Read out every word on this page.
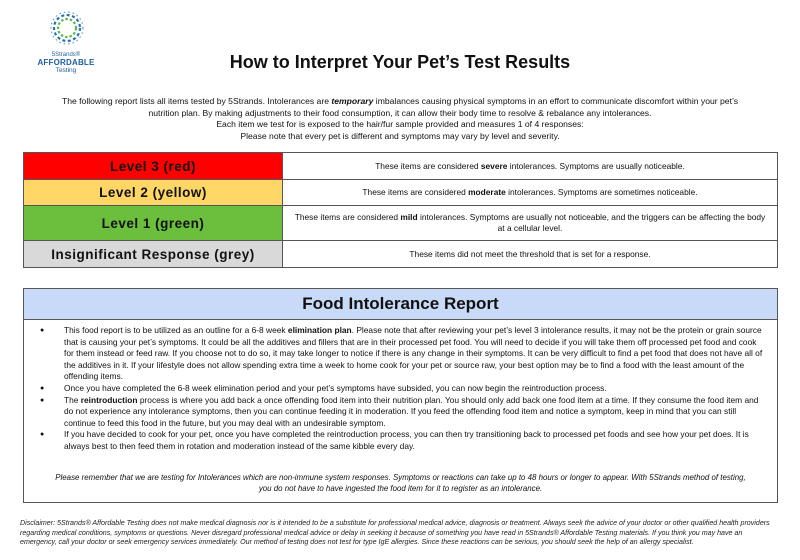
5Strands®
AFFORDABLE
Testing	How to Interpret Your Pet’s Test Results

The following report lists all items tested by 5Strands. Intolerances are temporary imbalances causing physical symptoms in an effort to communicate discomfort within your pet’s

nutrition plan. By making adjustments to their food consumption, it can allow their body time to resolve & rebalance any intolerances.

Each item we test for is exposed to the hair/fur sample provided and measures 1 of 4 responses:

Please note that every pet is different and symptoms may vary by level and severity.

Level 3 (red)	These items are considered severe intolerances. Symptoms are usually noticeable.
Level 2 (yellow)	These items are considered moderate intolerances. Symptoms are sometimes noticeable.
Level 1 (green)	These items are considered mild intolerances. Symptoms are usually not noticeable, and the triggers can be affecting the body at a cellular level.
Insignificant Response (grey)	These items did not meet the threshold that is set for a response.
Food Intolerance Report
● This food report is to be utilized as an outline for a 6-8 week elimination plan. Please note that after reviewing your pet’s level 3 intolerance results, it may not be the protein or grain source that is causing your pet’s symptoms. It could be all the additives and fillers that are in their processed pet food. You will need to decide if you will take them off processed pet food and cook for them instead or feed raw. If you choose not to do so, it may take longer to notice if there is any change in their symptoms. It can be very difficult to find a pet food that does not have all of the additives in it. If your lifestyle does not allow spending extra time a week to home cook for your pet or source raw, your best option may be to find a food with the least amount of the offending items.
● Once you have completed the 6-8 week elimination period and your pet’s symptoms have subsided, you can now begin the reintroduction process.
● The reintroduction process is where you add back a once offending food item into their nutrition plan. You should only add back one food item at a time. If they consume the food item and do not experience any intolerance symptoms, then you can continue feeding it in moderation. If you feed the offending food item and notice a symptom, keep in mind that you can still continue to feed this food in the future, but you may deal with an undesirable symptom.
● If you have decided to cook for your pet, once you have completed the reintroduction process, you can then try transitioning back to processed pet foods and see how your pet does. It is always best to then feed them in rotation and moderation instead of the same kibble every day.
Please remember that we are testing for Intolerances which are non-immune system responses. Symptoms or reactions can take up to 48 hours or longer to appear. With 5Strands method of testing,
you do not have to have ingested the food item for it to register as an intolerance.
Disclaimer: 5Strands® Affordable Testing does not make medical diagnosis nor is it intended to be a substitute for professional medical advice, diagnosis or treatment. Always seek the advice of your doctor or other qualified health providers regarding medical conditions, symptoms or questions. Never disregard professional medical advice or delay in seeking it because of something you have read in 5Strands® Affordable Testing materials. If you think you may have an emergency, call your doctor or seek emergency services immediately. Our method of testing does not test for type IgE allergies. Since these reactions can be serious, you should seek the help of an allergy specialist.
